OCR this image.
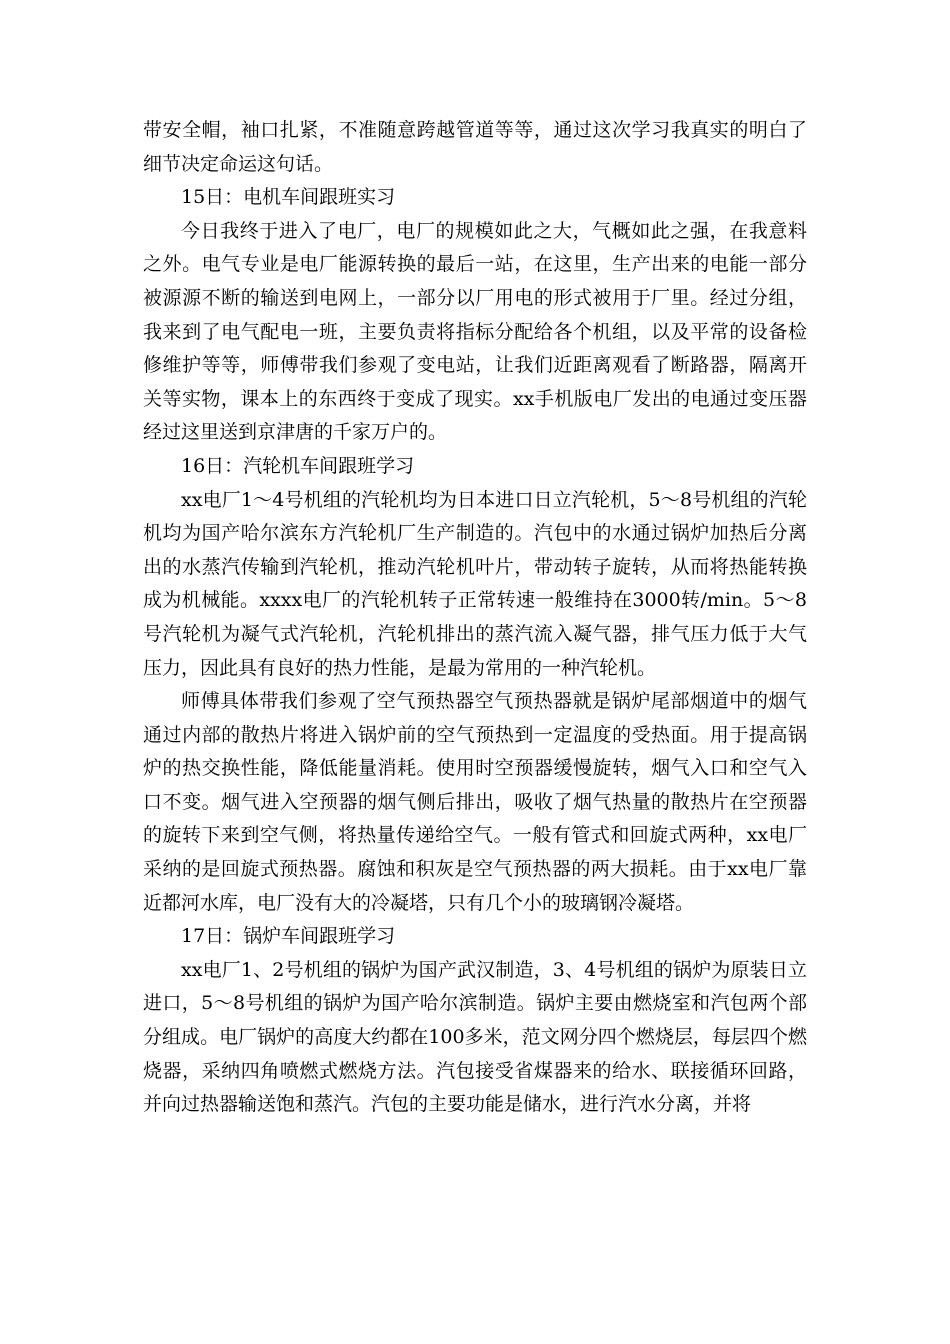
带安全帽，袖口扎紧，不准随意跨越管道等等，通过这次学习我真实的明白了细节决定命运这句话。

15日：电机车间跟班实习

今日我终于进入了电厂，电厂的规模如此之大，气概如此之强，在我意料之外。电气专业是电厂能源转换的最后一站，在这里，生产出来的电能一部分被源源不断的输送到电网上，一部分以厂用电的形式被用于厂里。经过分组，我来到了电气配电一班，主要负责将指标分配给各个机组，以及平常的设备检修维护等等，师傅带我们参观了变电站，让我们近距离观看了断路器，隔离开关等实物，课本上的东西终于变成了现实。xx手机版电厂发出的电通过变压器经过这里送到京津唐的千家万户的。

16日：汽轮机车间跟班学习

xx电厂1～4号机组的汽轮机均为日本进口日立汽轮机，5～8号机组的汽轮机均为国产哈尔滨东方汽轮机厂生产制造的。汽包中的水通过锅炉加热后分离出的水蒸汽传输到汽轮机，推动汽轮机叶片，带动转子旋转，从而将热能转换成为机械能。xxxx电厂的汽轮机转子正常转速一般维持在3000转/min。5～8号汽轮机为凝气式汽轮机，汽轮机排出的蒸汽流入凝气器，排气压力低于大气压力，因此具有良好的热力性能，是最为常用的一种汽轮机。

师傅具体带我们参观了空气预热器空气预热器就是锅炉尾部烟道中的烟气通过内部的散热片将进入锅炉前的空气预热到一定温度的受热面。用于提高锅炉的热交换性能，降低能量消耗。使用时空预器缓慢旋转，烟气入口和空气入口不变。烟气进入空预器的烟气侧后排出，吸收了烟气热量的散热片在空预器的旋转下来到空气侧，将热量传递给空气。一般有管式和回旋式两种，xx电厂采纳的是回旋式预热器。腐蚀和积灰是空气预热器的两大损耗。由于xx电厂靠近都河水库，电厂没有大的冷凝塔，只有几个小的玻璃钢冷凝塔。

17日：锅炉车间跟班学习

xx电厂1、2号机组的锅炉为国产武汉制造，3、4号机组的锅炉为原装日立进口，5～8号机组的锅炉为国产哈尔滨制造。锅炉主要由燃烧室和汽包两个部分组成。电厂锅炉的高度大约都在100多米，范文网分四个燃烧层，每层四个燃烧器，采纳四角喷燃式燃烧方法。汽包接受省煤器来的给水、联接循环回路，并向过热器输送饱和蒸汽。汽包的主要功能是储水，进行汽水分离，并将
